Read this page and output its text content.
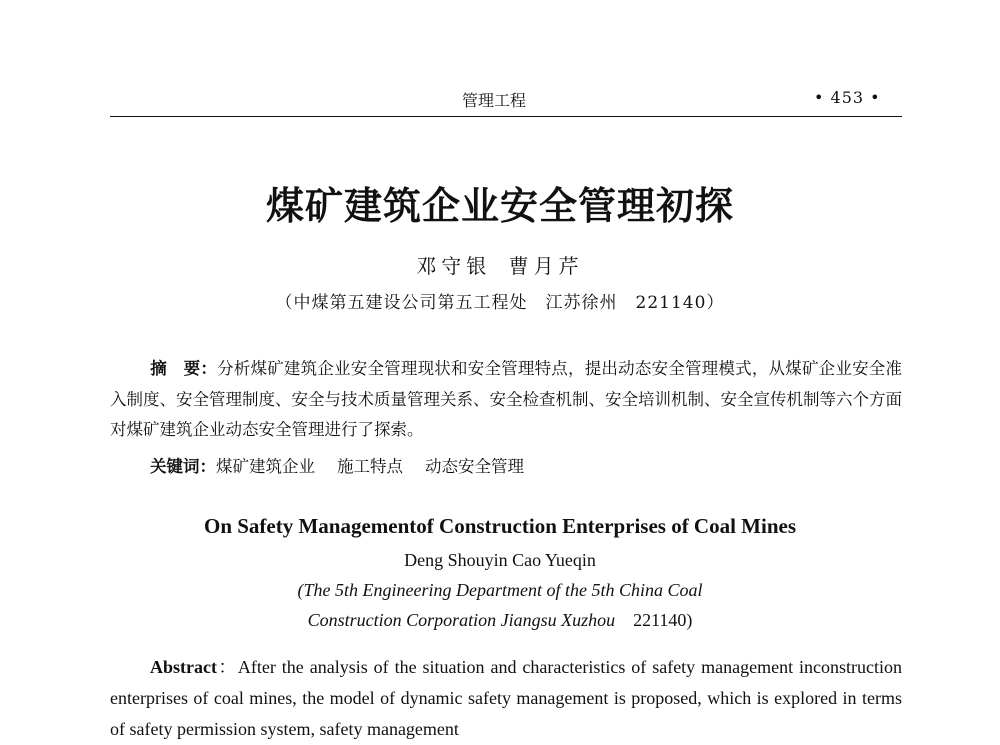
管理工程	• 453 •
煤矿建筑企业安全管理初探
邓守银 曹月芹
（中煤第五建设公司第五工程处　江苏徐州　221140）
摘　要：分析煤矿建筑企业安全管理现状和安全管理特点，提出动态安全管理模式，从煤矿企业安全准入制度、安全管理制度、安全与技术质量管理关系、安全检查机制、安全培训机制、安全宣传机制等六个方面对煤矿建筑企业动态安全管理进行了探索。
关键词：煤矿建筑企业 施工特点 动态安全管理
On Safety Managementof Construction Enterprises of Coal Mines
Deng Shouyin Cao Yueqin
(The 5th Engineering Department of the 5th China Coal
Construction Corporation Jiangsu Xuzhou 221140)
Abstract：After the analysis of the situation and characteristics of safety management inconstruction enterprises of coal mines, the model of dynamic safety management is proposed, which is explored in terms of safety permission system, safety management
